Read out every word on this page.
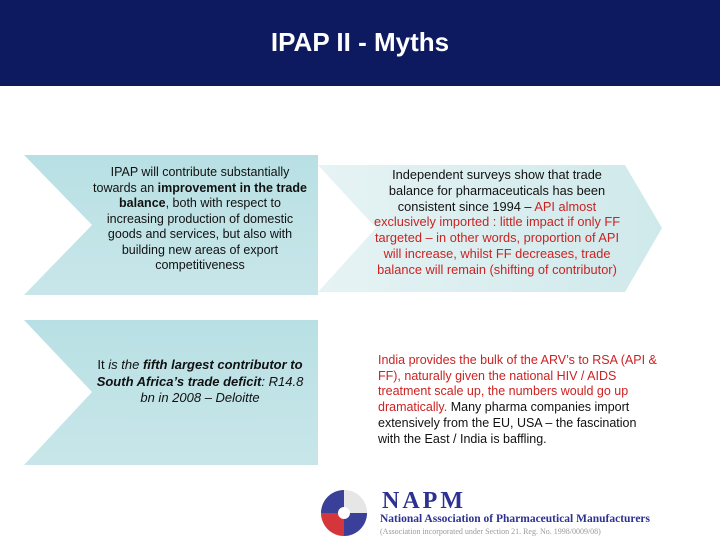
IPAP II - Myths
IPAP will contribute substantially towards an improvement in the trade balance, both with respect to increasing production of domestic goods and services, but also with building new areas of export competitiveness
It is the fifth largest contributor to South Africa’s trade deficit: R14.8 bn in 2008 – Deloitte
Independent surveys show that trade balance for pharmaceuticals has been consistent since 1994 – API almost exclusively imported : little impact if only FF targeted – in other words, proportion of API will increase, whilst FF decreases, trade balance will remain (shifting of contributor)
India provides the bulk of the ARV’s to RSA (API & FF), naturally given the national HIV / AIDS treatment scale up, the numbers would go up dramatically. Many pharma companies import extensively from the EU, USA – the fascination with the East / India is baffling.
NAPM
National Association of Pharmaceutical Manufacturers
(Association incorporated under Section 21. Reg. No. 1998/0009/08)
